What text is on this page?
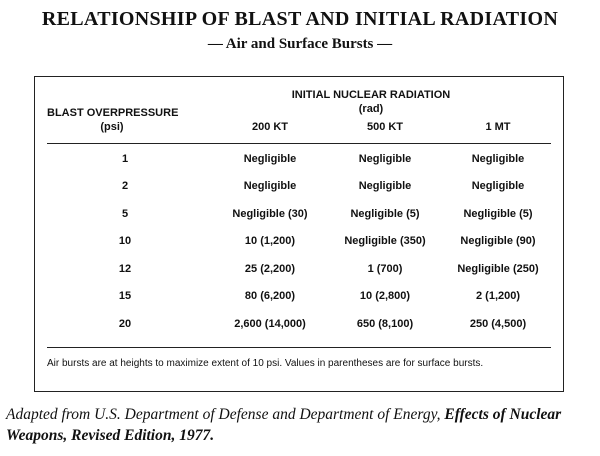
RELATIONSHIP OF BLAST AND INITIAL RADIATION
— Air and Surface Bursts —
BLAST OVERPRESSURE
(psi)
INITIAL NUCLEAR RADIATION
(rad)
200 KT	500 KT	1 MT
1	Negligible	Negligible	Negligible
2	Negligible	Negligible	Negligible
5	Negligible (30)	Negligible (5)	Negligible (5)
10	10 (1,200)	Negligible (350)	Negligible (90)
12	25 (2,200)	1 (700)	Negligible (250)
15	80 (6,200)	10 (2,800)	2 (1,200)
20	2,600 (14,000)	650 (8,100)	250 (4,500)
Air bursts are at heights to maximize extent of 10 psi. Values in parentheses are for surface bursts.
Adapted from U.S. Department of Defense and Department of Energy, Effects of Nuclear Weapons, Revised Edition, 1977.
